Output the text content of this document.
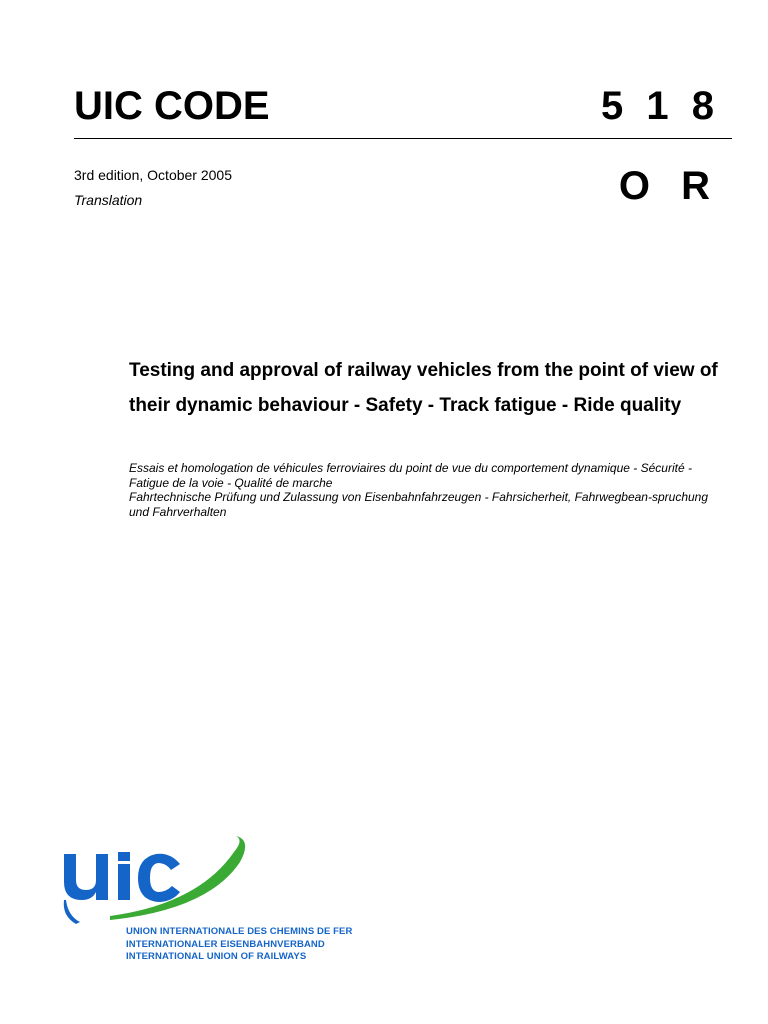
UIC CODE	5 1 8
3rd edition, October 2005
Translation	O R
Testing and approval of railway vehicles from the point of view of their dynamic behaviour - Safety - Track fatigue - Ride quality
Essais et homologation de véhicules ferroviaires du point de vue du comportement dynamique - Sécurité - Fatigue de la voie - Qualité de marche
Fahrtechnische Prüfung und Zulassung von Eisenbahnfahrzeugen - Fahrsicherheit, Fahrwegbean-spruchung und Fahrverhalten
UNION INTERNATIONALE DES CHEMINS DE FER
INTERNATIONALER EISENBAHNVERBAND
INTERNATIONAL UNION OF RAILWAYS
